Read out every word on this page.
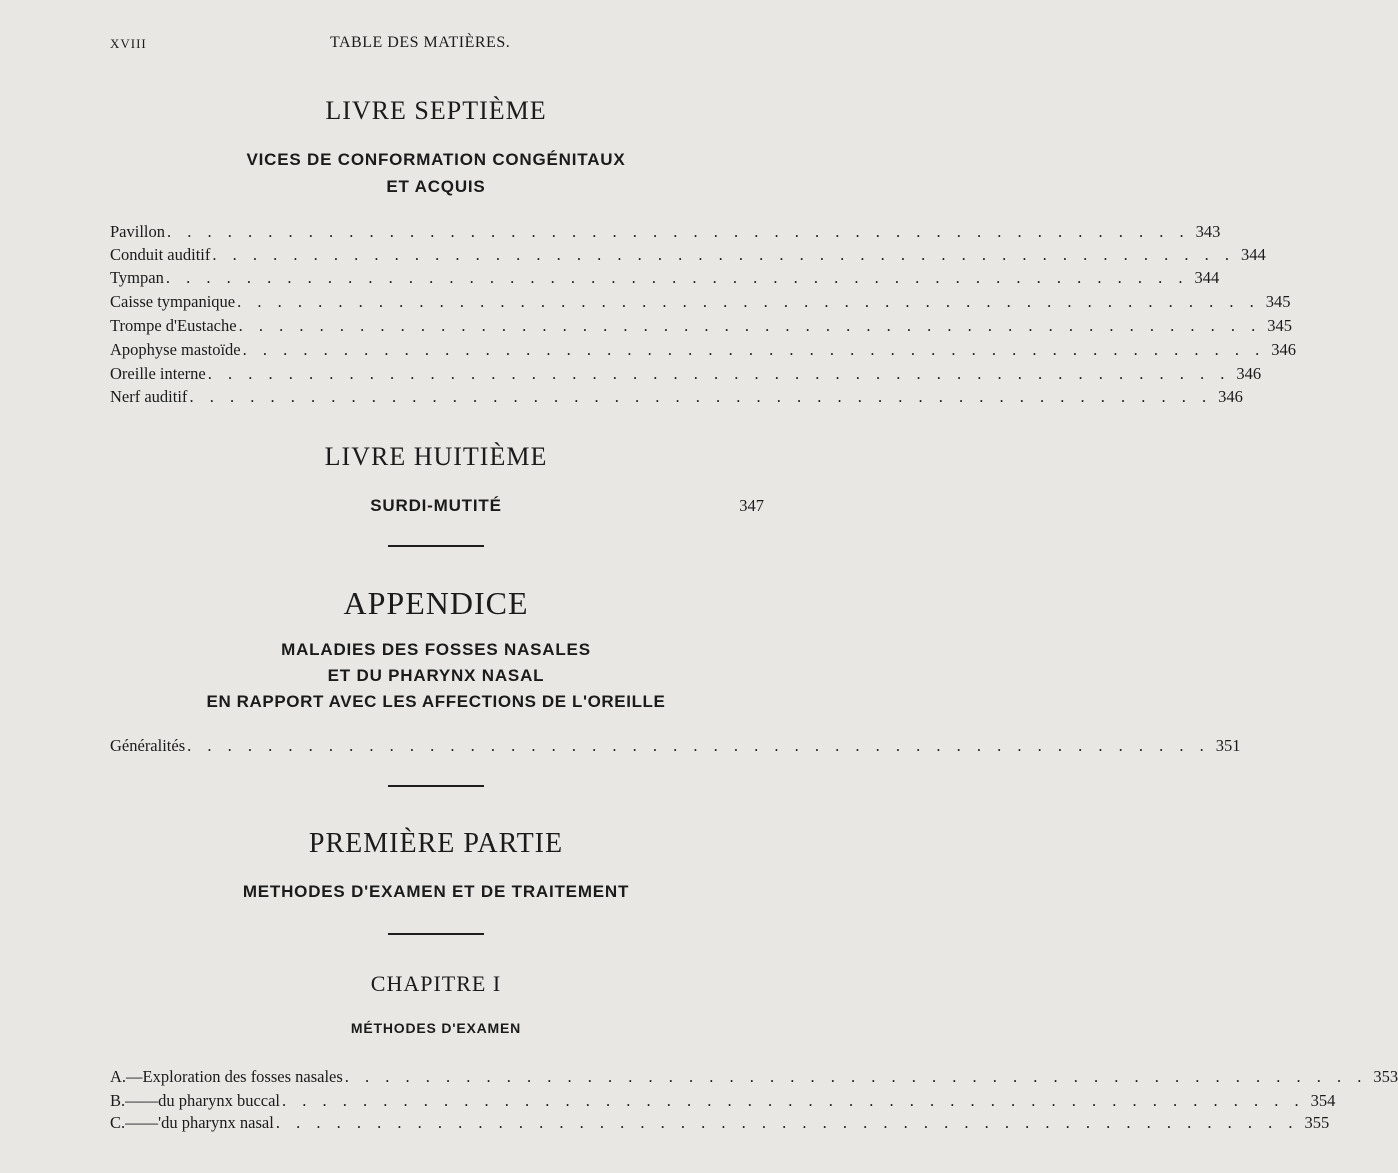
XVIII	TABLE DES MATIÈRES.
LIVRE SEPTIÈME
VICES DE CONFORMATION CONGÉNITAUX
ET ACQUIS
Pavillon . . . . . . . . . . . . . . . . . . . . . . . . . . . . . . . . . . . . . . . . . . . . . . . . . . . 343
Conduit auditif . . . . . . . . . . . . . . . . . . . . . . . . . . . . . . . . . . . . . . . . . . . . . . . . . . . 344
Tympan . . . . . . . . . . . . . . . . . . . . . . . . . . . . . . . . . . . . . . . . . . . . . . . . . . . 344
Caisse tympanique . . . . . . . . . . . . . . . . . . . . . . . . . . . . . . . . . . . . . . . . . . . . . . . . . . . 345
Trompe d'Eustache . . . . . . . . . . . . . . . . . . . . . . . . . . . . . . . . . . . . . . . . . . . . . . . . . . . 345
Apophyse mastoïde . . . . . . . . . . . . . . . . . . . . . . . . . . . . . . . . . . . . . . . . . . . . . . . . . . . 346
Oreille interne . . . . . . . . . . . . . . . . . . . . . . . . . . . . . . . . . . . . . . . . . . . . . . . . . . . 346
Nerf auditif . . . . . . . . . . . . . . . . . . . . . . . . . . . . . . . . . . . . . . . . . . . . . . . . . . . 346
LIVRE HUITIÈME
SURDI-MUTITÉ	347
APPENDICE
MALADIES DES FOSSES NASALES
ET DU PHARYNX NASAL
EN RAPPORT AVEC LES AFFECTIONS DE L'OREILLE
Généralités . . . . . . . . . . . . . . . . . . . . . . . . . . . . . . . . . . . . . . . . . . . . . . . . . . . 351
PREMIÈRE PARTIE
METHODES D'EXAMEN ET DE TRAITEMENT
CHAPITRE I
MÉTHODES D'EXAMEN
A. — Exploration des fosses nasales . . . . . . . . . . . . . . . . . . . . . . . . . . . . . . . . . . . . . . . . . . . . . . . . . . . 353
B. — — du pharynx buccal . . . . . . . . . . . . . . . . . . . . . . . . . . . . . . . . . . . . . . . . . . . . . . . . . . . 354
C. — — 'du pharynx nasal . . . . . . . . . . . . . . . . . . . . . . . . . . . . . . . . . . . . . . . . . . . . . . . . . . . 355
